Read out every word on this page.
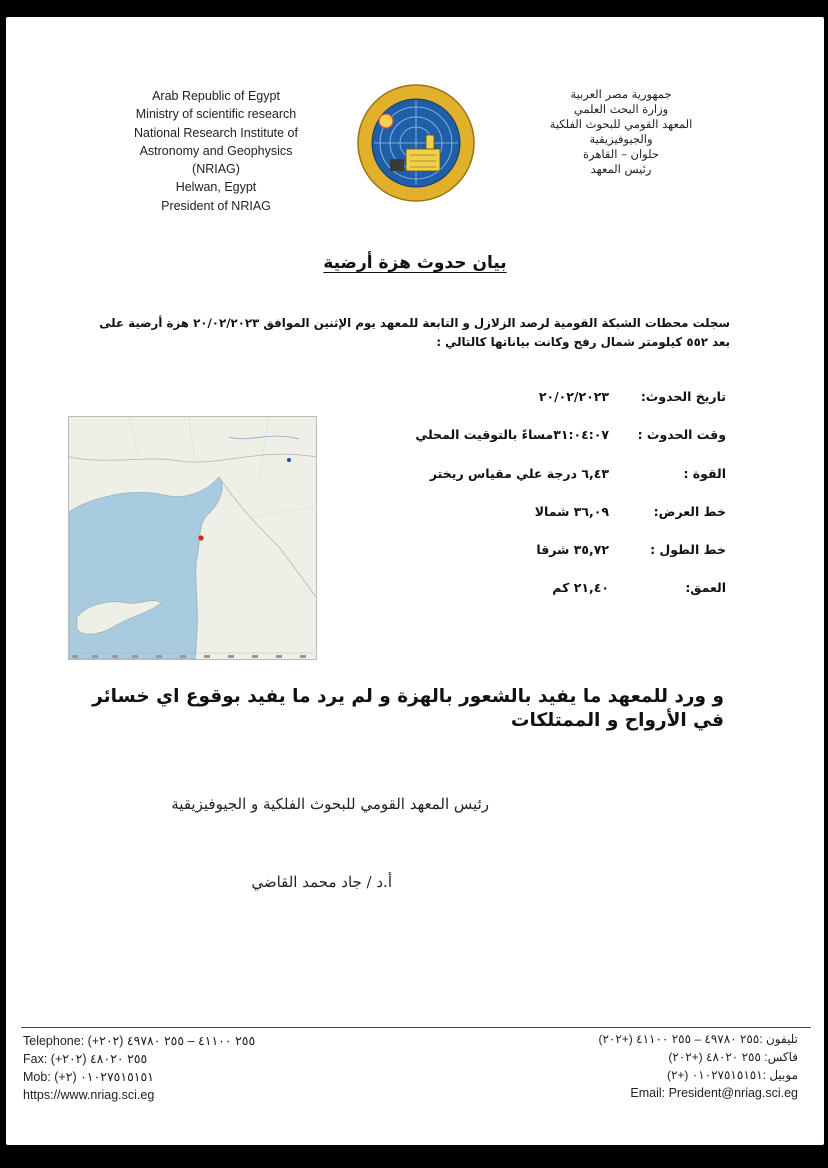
Arab Republic of Egypt
Ministry of scientific research
National Research Institute of
Astronomy and Geophysics
(NRIAG)
Helwan, Egypt
President of NRIAG
جمهورية مصر العربية
وزارة البحث العلمي
المعهد القومي للبحوث الفلكية
والجيوفيزيقية
حلوان – القاهرة
رئيس المعهد
بيان حدوث هزة أرضية
سجلت محطات الشبكة القومية لرصد الزلازل و التابعة للمعهد يوم الإثنين الموافق ٢٠/٠٢/٢٠٢٣ هزة أرضية على بعد ٥٥٢ كيلومتر شمال رفح وكانت بياناتها كالتالي :
تاريخ الحدوث:
٢٠/٠٢/٢٠٢٣
وقت الحدوث :
٣١:٠٤:٠٧مساءً بالتوقيت المحلي
القوة :
٦,٤٣ درجة علي مقياس ريختر
خط العرض:
٣٦,٠٩ شمالا
خط الطول :
٣٥,٧٢ شرقا
العمق:
٢١,٤٠ كم
و ورد للمعهد ما يفيد بالشعور بالهزة و لم يرد ما يفيد بوقوع اي خسائر في الأرواح و الممتلكات
رئيس المعهد القومي للبحوث الفلكية و الجيوفيزيقية
أ.د / جاد محمد القاضي
Telephone: (+٢٠٢) ٢٥٥ ٤١١٠٠ – ٢٥٥ ٤٩٧٨٠
Fax: (+٢٠٢) ٢٥٥ ٤٨٠٢٠
Mob: (+٢) ٠١٠٢٧٥١٥١٥١
https://www.nriag.sci.eg
تليفون :٢٥٥ ٤٩٧٨٠ – ٢٥٥ ٤١١٠٠ (+٢٠٢)
فاكس: ٢٥٥ ٤٨٠٢٠ (+٢٠٢)
موبيل :٠١٠٢٧٥١٥١٥١ (+٢)
Email: President@nriag.sci.eg
